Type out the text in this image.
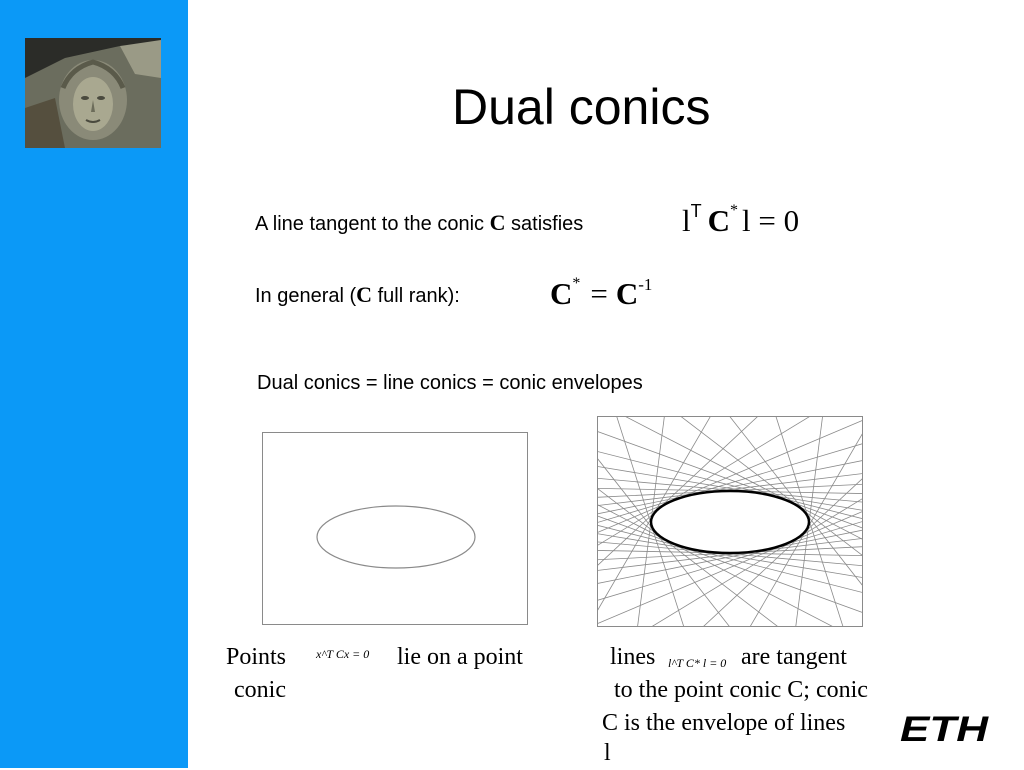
Dual conics
A line tangent to the conic C satisfies	$l^T$ C* l = 0
In general (C full rank):	$C^* = C^{-1}$
Dual conics = line conics = conic envelopes
Points x^T Cx = 0 lie on a point
conic
lines l^T C* l = 0 are tangent
to the point conic C; conic
C is the envelope of lines
l
ETH
